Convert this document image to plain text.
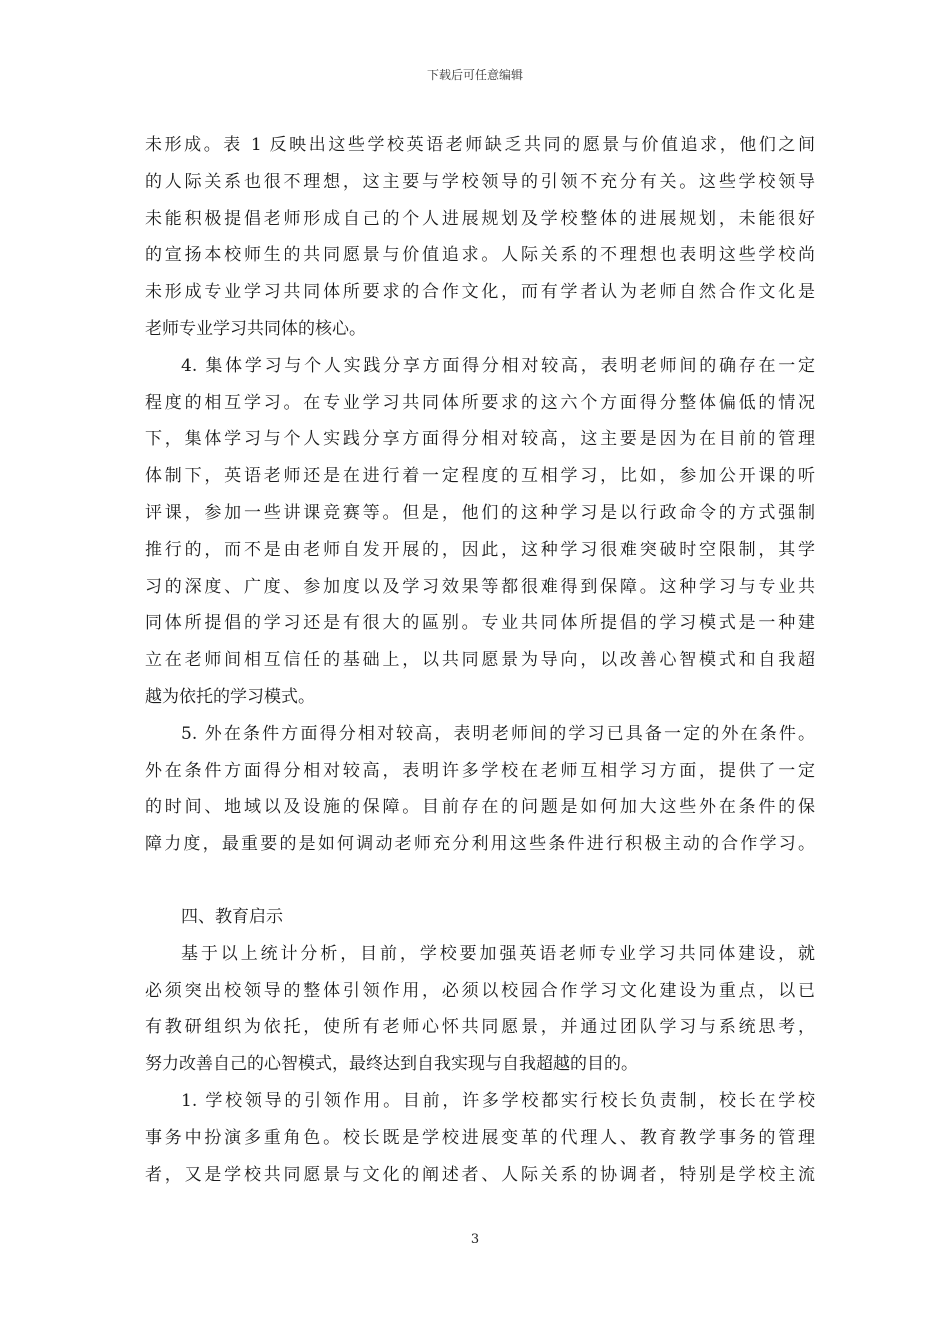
下载后可任意编辑
未形成。表 1 反映出这些学校英语老师缺乏共同的愿景与价值追求，他们之间
的人际关系也很不理想，这主要与学校领导的引领不充分有关。这些学校领导
未能积极提倡老师形成自己的个人进展规划及学校整体的进展规划，未能很好
的宣扬本校师生的共同愿景与价值追求。人际关系的不理想也表明这些学校尚
未形成专业学习共同体所要求的合作文化，而有学者认为老师自然合作文化是
老师专业学习共同体的核心。
4. 集体学习与个人实践分享方面得分相对较高，表明老师间的确存在一定
程度的相互学习。在专业学习共同体所要求的这六个方面得分整体偏低的情况
下，集体学习与个人实践分享方面得分相对较高，这主要是因为在目前的管理
体制下，英语老师还是在进行着一定程度的互相学习，比如，参加公开课的听
评课，参加一些讲课竞赛等。但是，他们的这种学习是以行政命令的方式强制
推行的，而不是由老师自发开展的，因此，这种学习很难突破时空限制，其学
习的深度、广度、参加度以及学习效果等都很难得到保障。这种学习与专业共
同体所提倡的学习还是有很大的區别。专业共同体所提倡的学习模式是一种建
立在老师间相互信任的基础上，以共同愿景为导向，以改善心智模式和自我超
越为依托的学习模式。
5. 外在条件方面得分相对较高，表明老师间的学习已具备一定的外在条件。
外在条件方面得分相对较高，表明许多学校在老师互相学习方面，提供了一定
的时间、地域以及设施的保障。目前存在的问题是如何加大这些外在条件的保
障力度，最重要的是如何调动老师充分利用这些条件进行积极主动的合作学习。
四、教育启示
基于以上统计分析，目前，学校要加强英语老师专业学习共同体建设，就
必须突出校领导的整体引领作用，必须以校园合作学习文化建设为重点，以已
有教研组织为依托，使所有老师心怀共同愿景，并通过团队学习与系统思考，
努力改善自己的心智模式，最终达到自我实现与自我超越的目的。
1. 学校领导的引领作用。目前，许多学校都实行校长负责制，校长在学校
事务中扮演多重角色。校长既是学校进展变革的代理人、教育教学事务的管理
者，又是学校共同愿景与文化的阐述者、人际关系的协调者，特别是学校主流
3
